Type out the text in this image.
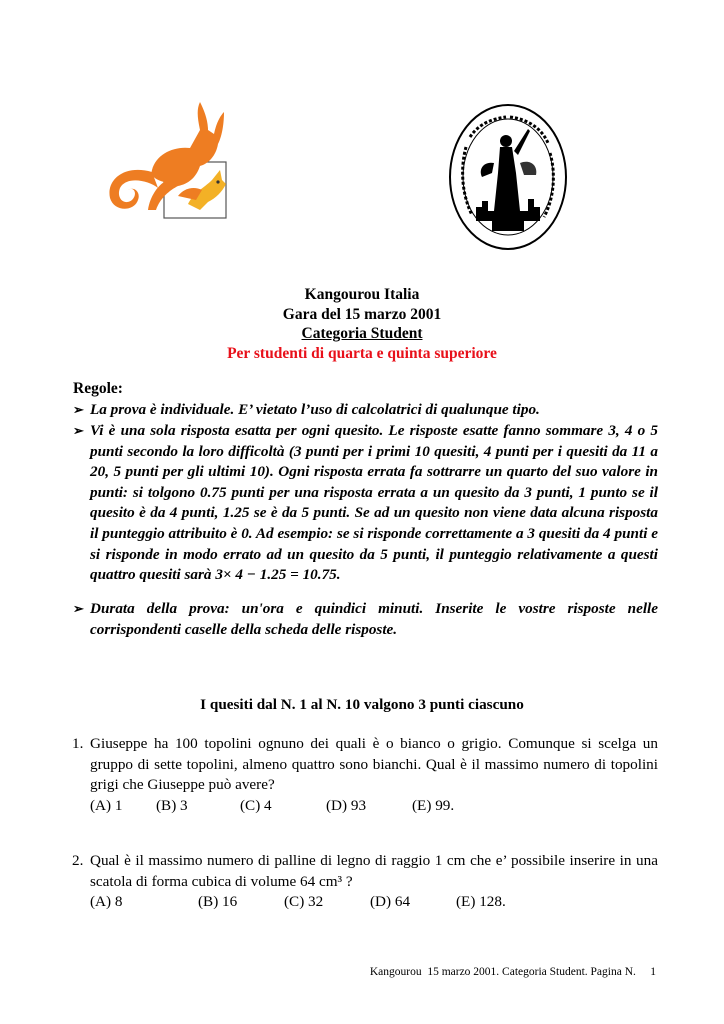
Kangourou Italia
Gara del 15 marzo 2001
Categoria Student
Per studenti di quarta e quinta superiore
Regole:
➢ La prova è individuale. E’ vietato l’uso di calcolatrici di qualunque tipo.
➢ Vi è una sola risposta esatta per ogni quesito. Le risposte esatte fanno sommare 3, 4 o 5 punti secondo la loro difficoltà (3 punti per i primi 10 quesiti, 4 punti per i quesiti da 11 a 20, 5 punti per gli ultimi 10). Ogni risposta errata fa sottrarre un quarto del suo valore in punti: si tolgono 0.75 punti per una risposta errata a un quesito da 3 punti, 1 punto se il quesito è da 4 punti, 1.25 se è da 5 punti. Se ad un quesito non viene data alcuna risposta il punteggio attribuito è 0. Ad esempio: se si risponde correttamente a 3 quesiti da 4 punti e si risponde in modo errato ad un quesito da 5 punti, il punteggio relativamente a questi quattro quesiti sarà 3× 4 − 1.25 = 10.75.
➢ Durata della prova: un'ora e quindici minuti. Inserite le vostre risposte nelle corrispondenti caselle della scheda delle risposte.
I quesiti dal N. 1 al N. 10 valgono 3 punti ciascuno
1. Giuseppe ha 100 topolini ognuno dei quali è o bianco o grigio. Comunque si scelga un gruppo di sette topolini, almeno quattro sono bianchi. Qual è il massimo numero di topolini grigi che Giuseppe può avere?
(A) 1 (B) 3	(C) 4	(D) 93	(E) 99.
2. Qual è il massimo numero di palline di legno di raggio 1 cm che e’ possibile inserire in una scatola di forma cubica di volume 64 cm³ ?
(A) 8	(B) 16	(C) 32	(D) 64	(E) 128.
Kangourou  15 marzo 2001. Categoria Student. Pagina N.     1
